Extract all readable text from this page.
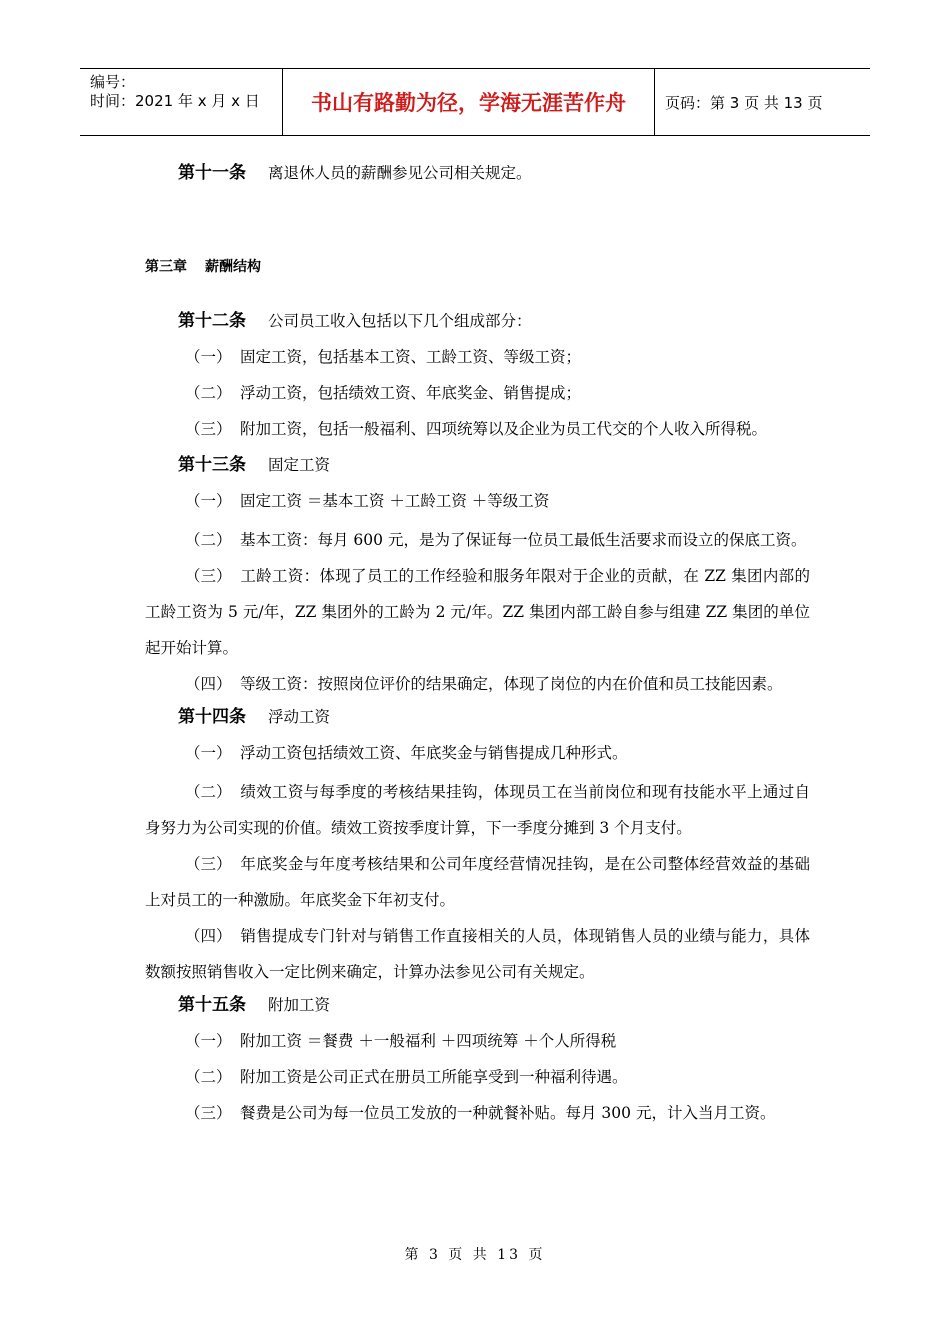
编号：
时间：2021 年 x 月 x 日	书山有路勤为径，学海无涯苦作舟	页码：第 3 页 共 13 页
第十一条 离退休人员的薪酬参见公司相关规定。
第三章 薪酬结构
第十二条 公司员工收入包括以下几个组成部分：
（一） 固定工资，包括基本工资、工龄工资、等级工资；
（二） 浮动工资，包括绩效工资、年底奖金、销售提成；
（三） 附加工资，包括一般福利、四项统筹以及企业为员工代交的个人收入所得税。
第十三条 固定工资
（一） 固定工资 ＝基本工资 ＋工龄工资 ＋等级工资
（二） 基本工资：每月 600 元，是为了保证每一位员工最低生活要求而设立的保底工资。
（三） 工龄工资：体现了员工的工作经验和服务年限对于企业的贡献，在 ZZ 集团内部的工龄工资为 5 元/年，ZZ 集团外的工龄为 2 元/年。ZZ 集团内部工龄自参与组建 ZZ 集团的单位起开始计算。
（四） 等级工资：按照岗位评价的结果确定，体现了岗位的内在价值和员工技能因素。
第十四条 浮动工资
（一） 浮动工资包括绩效工资、年底奖金与销售提成几种形式。
（二） 绩效工资与每季度的考核结果挂钩，体现员工在当前岗位和现有技能水平上通过自身努力为公司实现的价值。绩效工资按季度计算，下一季度分摊到 3 个月支付。
（三） 年底奖金与年度考核结果和公司年度经营情况挂钩，是在公司整体经营效益的基础上对员工的一种激励。年底奖金下年初支付。
（四） 销售提成专门针对与销售工作直接相关的人员，体现销售人员的业绩与能力，具体数额按照销售收入一定比例来确定，计算办法参见公司有关规定。
第十五条 附加工资
（一） 附加工资 ＝餐费 ＋一般福利 ＋四项统筹 ＋个人所得税
（二） 附加工资是公司正式在册员工所能享受到一种福利待遇。
（三） 餐费是公司为每一位员工发放的一种就餐补贴。每月 300 元，计入当月工资。
第 3 页 共 13 页
